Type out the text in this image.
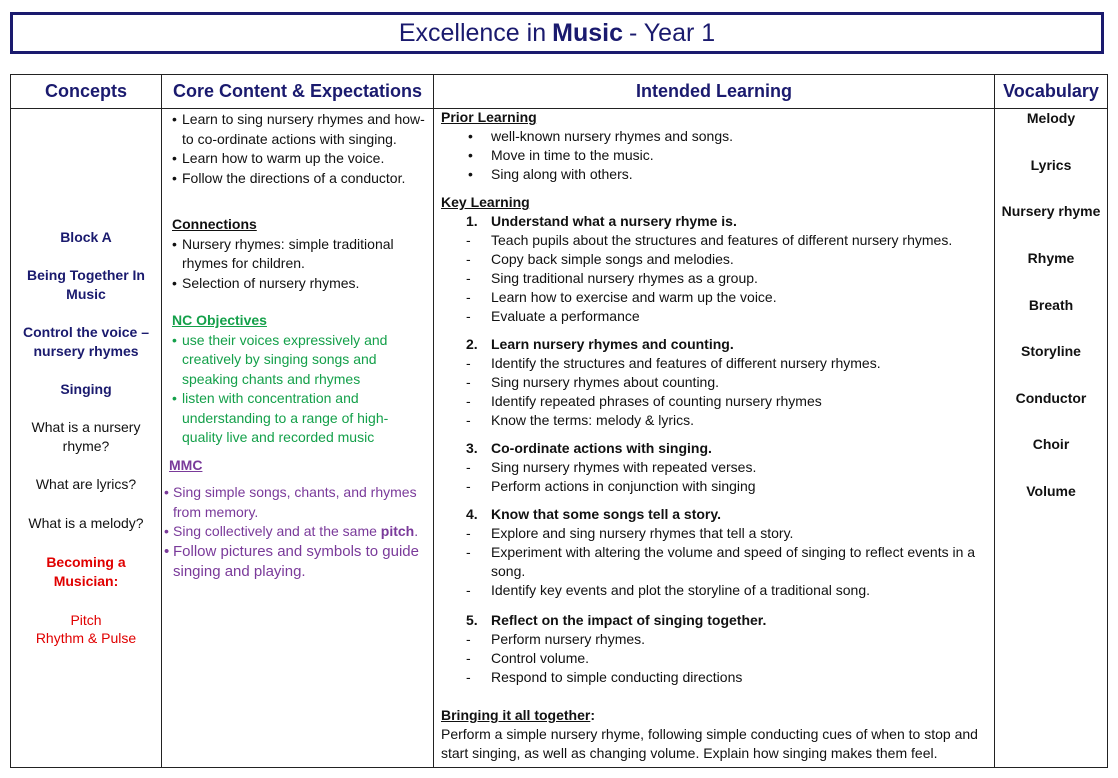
Excellence in Music - Year 1
Concepts
Block A
Being Together In
Music
Control the voice –
nursery rhymes
Singing
What is a nursery
rhyme?
What are lyrics?
What is a melody?
Becoming a
Musician:
Pitch
Rhythm & Pulse
Core Content & Expectations
• Learn to sing nursery rhymes and how-to co-ordinate actions with singing.
• Learn how to warm up the voice.
• Follow the directions of a conductor.
Connections
• Nursery rhymes: simple traditional rhymes for children.
• Selection of nursery rhymes.
NC Objectives
• use their voices expressively and creatively by singing songs and speaking chants and rhymes
• listen with concentration and understanding to a range of high-quality live and recorded music
MMC
• Sing simple songs, chants, and rhymes from memory.
• Sing collectively and at the same pitch.
• Follow pictures and symbols to guide singing and playing.
Intended Learning
Prior Learning
• well-known nursery rhymes and songs.
• Move in time to the music.
• Sing along with others.
Key Learning
1. Understand what a nursery rhyme is.
- Teach pupils about the structures and features of different nursery rhymes.
- Copy back simple songs and melodies.
- Sing traditional nursery rhymes as a group.
- Learn how to exercise and warm up the voice.
- Evaluate a performance
2. Learn nursery rhymes and counting.
- Identify the structures and features of different nursery rhymes.
- Sing nursery rhymes about counting.
- Identify repeated phrases of counting nursery rhymes
- Know the terms: melody & lyrics.
3. Co-ordinate actions with singing.
- Sing nursery rhymes with repeated verses.
- Perform actions in conjunction with singing
4. Know that some songs tell a story.
- Explore and sing nursery rhymes that tell a story.
- Experiment with altering the volume and speed of singing to reflect events in a song.
- Identify key events and plot the storyline of a traditional song.
5. Reflect on the impact of singing together.
- Perform nursery rhymes.
- Control volume.
- Respond to simple conducting directions
Bringing it all together:
Perform a simple nursery rhyme, following simple conducting cues of when to stop and start singing, as well as changing volume. Explain how singing makes them feel.
Vocabulary
Melody
Lyrics
Nursery rhyme
Rhyme
Breath
Storyline
Conductor
Choir
Volume
